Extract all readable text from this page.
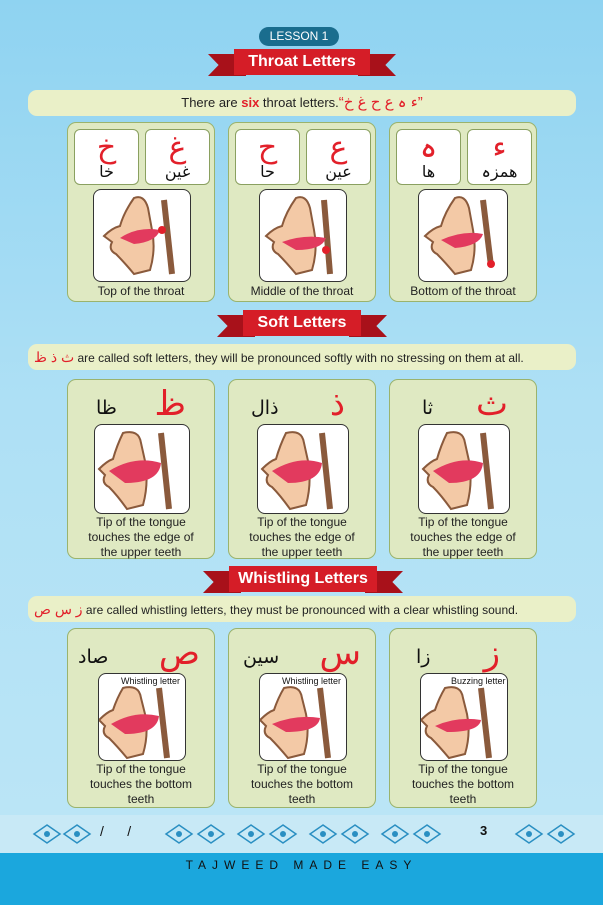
LESSON 1
Throat Letters
There are six throat letters.“ء ہ ع ح غ خ”
خ
خا
غ
غين
Top of the throat
ح
حا
ع
عين
Middle of the throat
ہ
ها
ء
همزہ
Bottom of the throat
Soft Letters
ث ذ ظ are called soft letters, they will be pronounced softly with no stressing on them at all.
ظا ظ
Tip of the tongue
touches the edge of
the upper teeth
ذال ذ
Tip of the tongue
touches the edge of
the upper teeth
ثا ث
Tip of the tongue
touches the edge of
the upper teeth
Whistling Letters
ز س ص are called whistling letters, they must be pronounced with a clear whistling sound.
صاد ص
Whistling letter
Tip of the tongue
touches the bottom
teeth
سين س
Whistling letter
Tip of the tongue
touches the bottom
teeth
زا ز
Buzzing letter
Tip of the tongue
touches the bottom
teeth
/      /	3
TAJWEED MADE EASY
